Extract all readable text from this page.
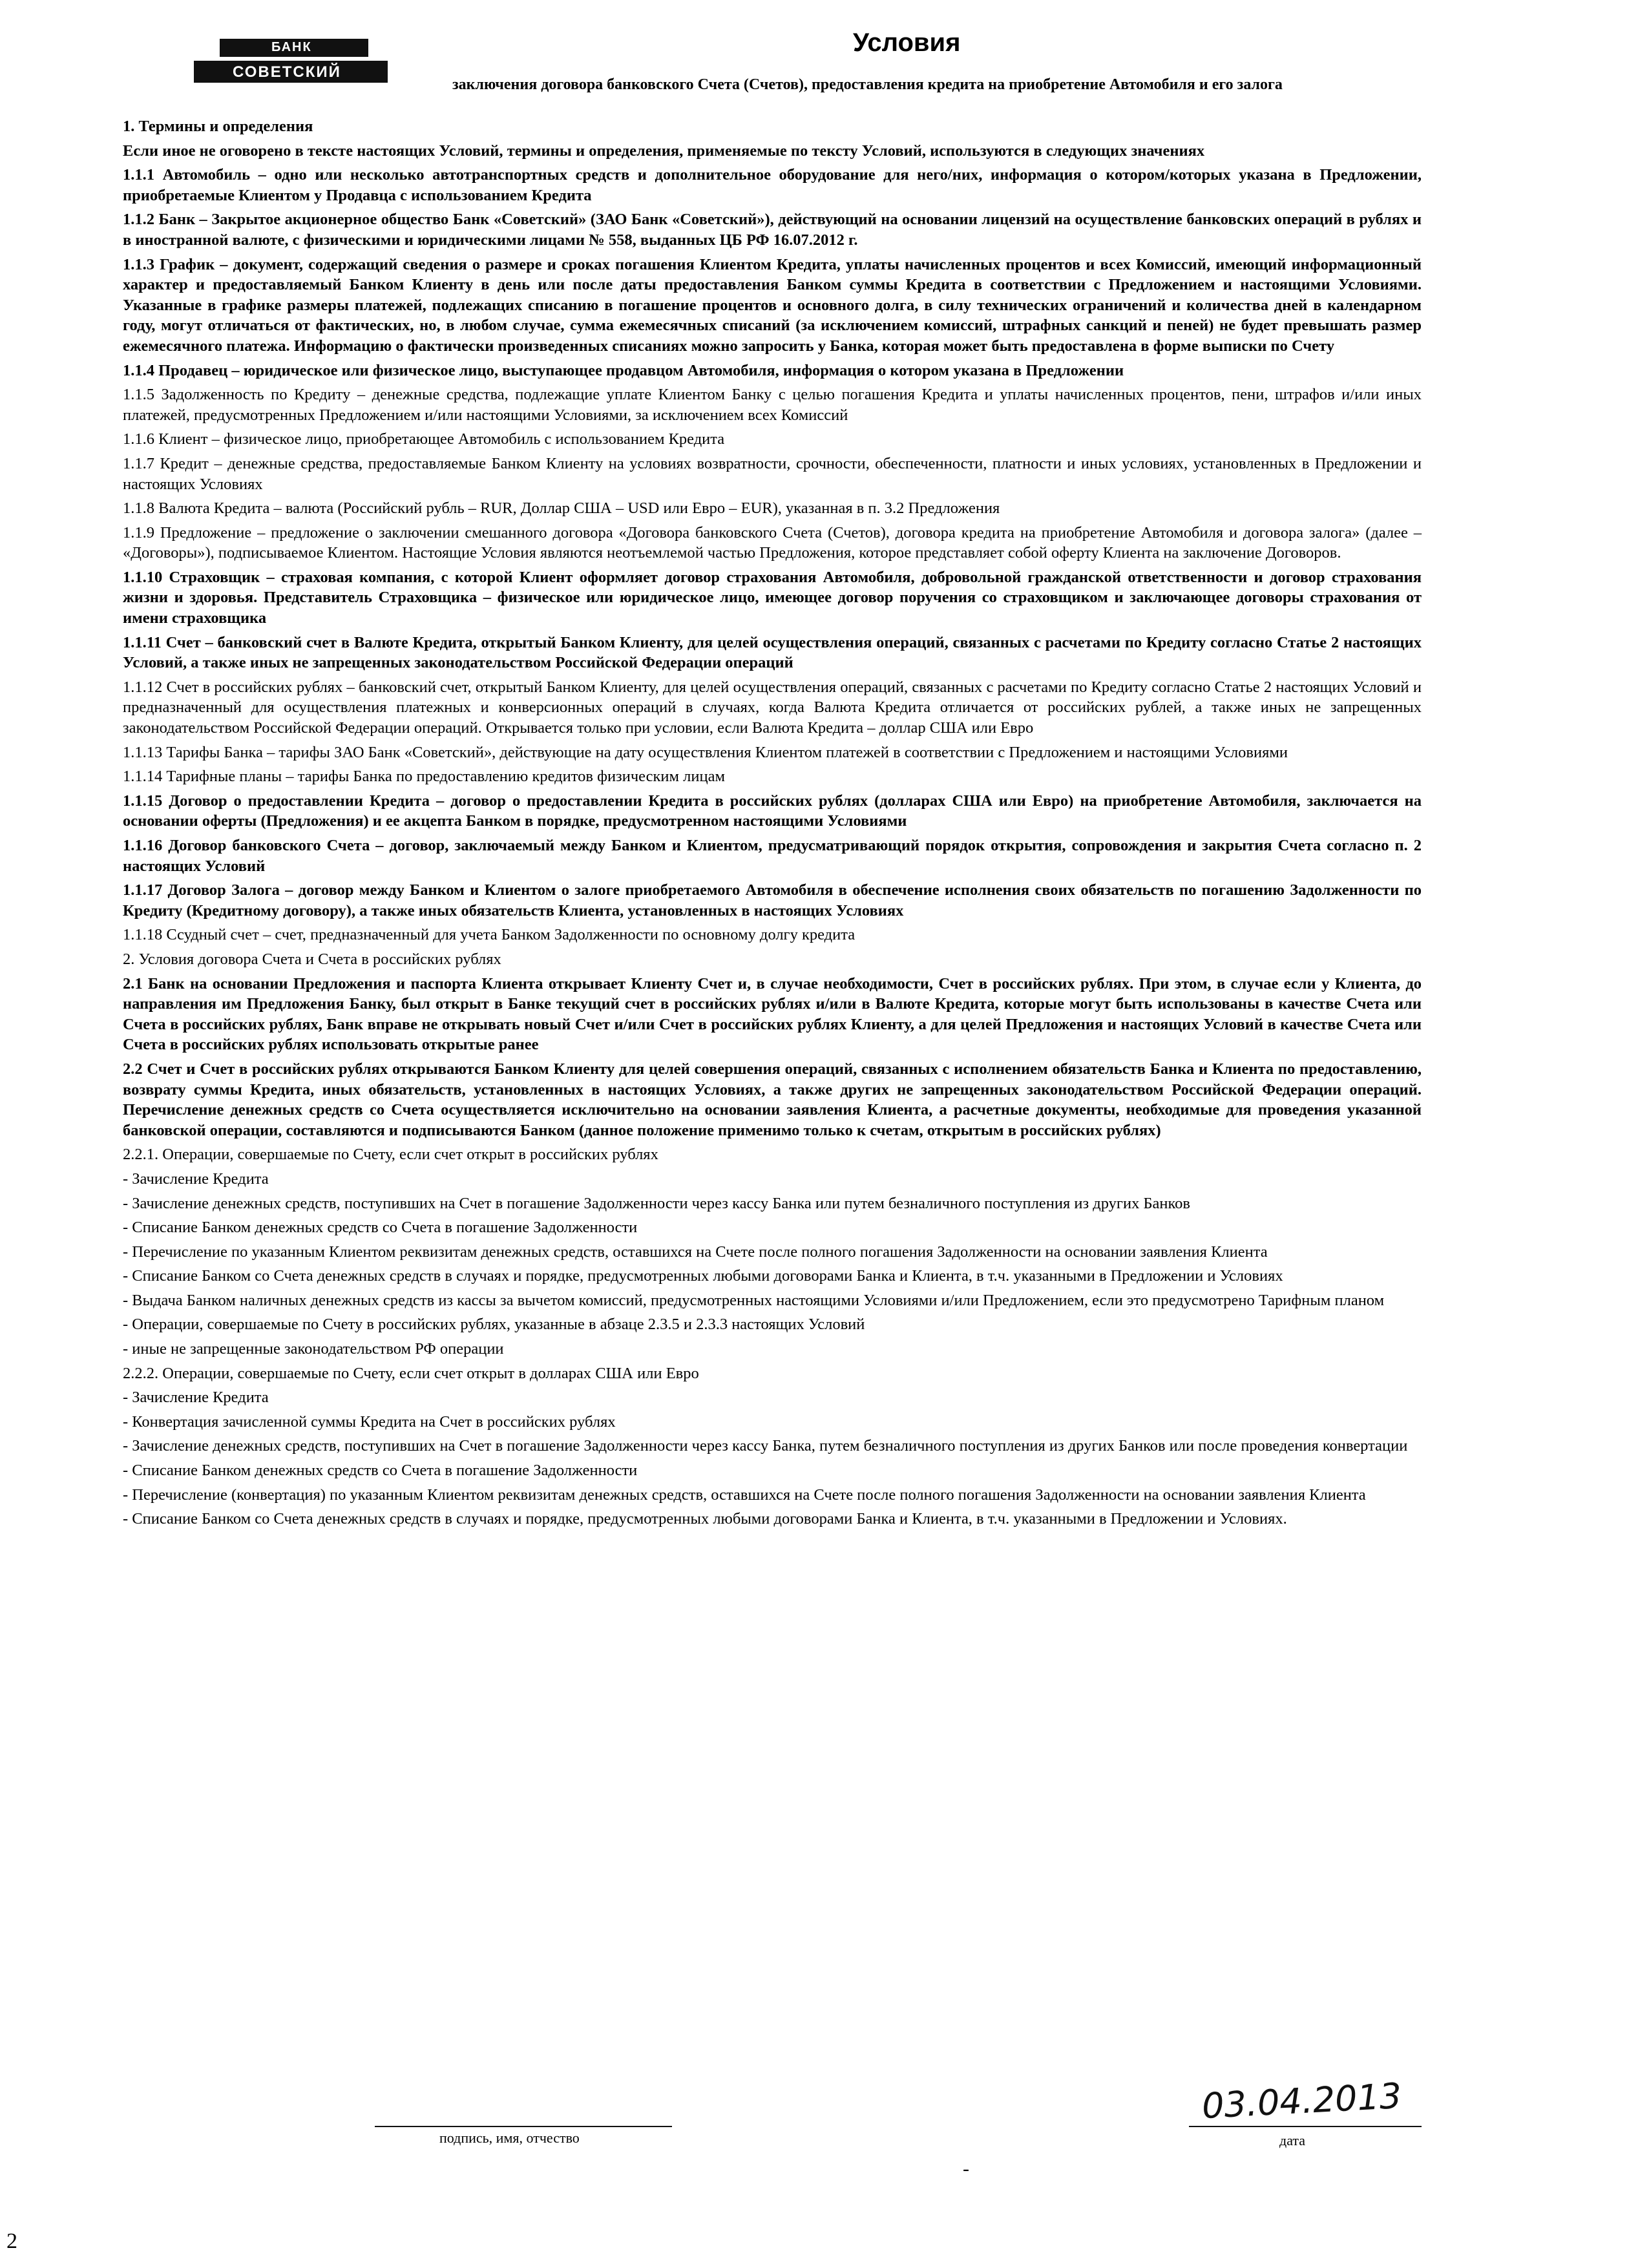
БАНК
СОВЕТСКИЙ
Условия
заключения договора банковского Счета (Счетов), предоставления кредита на приобретение Автомобиля и его залога

1. Термины и определения

Если иное не оговорено в тексте настоящих Условий, термины и определения, применяемые по тексту Условий, используются в следующих значениях

1.1.1 Автомобиль – одно или несколько автотранспортных средств и дополнительное оборудование для него/них, информация о котором/которых указана в Предложении, приобретаемые Клиентом у Продавца с использованием Кредита

1.1.2 Банк – Закрытое акционерное общество Банк «Советский» (ЗАО Банк «Советский»), действующий на основании лицензий на осуществление банковских операций в рублях и в иностранной валюте, с физическими и юридическими лицами № 558, выданных ЦБ РФ 16.07.2012 г.

1.1.3 График – документ, содержащий сведения о размере и сроках погашения Клиентом Кредита, уплаты начисленных процентов и всех Комиссий, имеющий информационный характер и предоставляемый Банком Клиенту в день или после даты предоставления Банком суммы Кредита в соответствии с Предложением и настоящими Условиями. Указанные в графике размеры платежей, подлежащих списанию в погашение процентов и основного долга, в силу технических ограничений и количества дней в календарном году, могут отличаться от фактических, но, в любом случае, сумма ежемесячных списаний (за исключением комиссий, штрафных санкций и пеней) не будет превышать размер ежемесячного платежа. Информацию о фактически произведенных списаниях можно запросить у Банка, которая может быть предоставлена в форме выписки по Счету

1.1.4 Продавец – юридическое или физическое лицо, выступающее продавцом Автомобиля, информация о котором указана в Предложении

1.1.5 Задолженность по Кредиту – денежные средства, подлежащие уплате Клиентом Банку с целью погашения Кредита и уплаты начисленных процентов, пени, штрафов и/или иных платежей, предусмотренных Предложением и/или настоящими Условиями, за исключением всех Комиссий

1.1.6 Клиент – физическое лицо, приобретающее Автомобиль с использованием Кредита

1.1.7 Кредит – денежные средства, предоставляемые Банком Клиенту на условиях возвратности, срочности, обеспеченности, платности и иных условиях, установленных в Предложении и настоящих Условиях

1.1.8 Валюта Кредита – валюта (Российский рубль – RUR, Доллар США – USD или Евро – EUR), указанная в п. 3.2 Предложения

1.1.9 Предложение – предложение о заключении смешанного договора «Договора банковского Счета (Счетов), договора кредита на приобретение Автомобиля и договора залога» (далее – «Договоры»), подписываемое Клиентом. Настоящие Условия являются неотъемлемой частью Предложения, которое представляет собой оферту Клиента на заключение Договоров.

1.1.10 Страховщик – страховая компания, с которой Клиент оформляет договор страхования Автомобиля, добровольной гражданской ответственности и договор страхования жизни и здоровья. Представитель Страховщика – физическое или юридическое лицо, имеющее договор поручения со страховщиком и заключающее договоры страхования от имени страховщика

1.1.11 Счет – банковский счет в Валюте Кредита, открытый Банком Клиенту, для целей осуществления операций, связанных с расчетами по Кредиту согласно Статье 2 настоящих Условий, а также иных не запрещенных законодательством Российской Федерации операций

1.1.12 Счет в российских рублях – банковский счет, открытый Банком Клиенту, для целей осуществления операций, связанных с расчетами по Кредиту согласно Статье 2 настоящих Условий и предназначенный для осуществления платежных и конверсионных операций в случаях, когда Валюта Кредита отличается от российских рублей, а также иных не запрещенных законодательством Российской Федерации операций. Открывается только при условии, если Валюта Кредита – доллар США или Евро

1.1.13 Тарифы Банка – тарифы ЗАО Банк «Советский», действующие на дату осуществления Клиентом платежей в соответствии с Предложением и настоящими Условиями

1.1.14 Тарифные планы – тарифы Банка по предоставлению кредитов физическим лицам

1.1.15 Договор о предоставлении Кредита – договор о предоставлении Кредита в российских рублях (долларах США или Евро) на приобретение Автомобиля, заключается на основании оферты (Предложения) и ее акцепта Банком в порядке, предусмотренном настоящими Условиями

1.1.16 Договор банковского Счета – договор, заключаемый между Банком и Клиентом, предусматривающий порядок открытия, сопровождения и закрытия Счета согласно п. 2 настоящих Условий

1.1.17 Договор Залога – договор между Банком и Клиентом о залоге приобретаемого Автомобиля в обеспечение исполнения своих обязательств по погашению Задолженности по Кредиту (Кредитному договору), а также иных обязательств Клиента, установленных в настоящих Условиях

1.1.18 Ссудный счет – счет, предназначенный для учета Банком Задолженности по основному долгу кредита

2. Условия договора Счета и Счета в российских рублях

2.1 Банк на основании Предложения и паспорта Клиента открывает Клиенту Счет и, в случае необходимости, Счет в российских рублях. При этом, в случае если у Клиента, до направления им Предложения Банку, был открыт в Банке текущий счет в российских рублях и/или в Валюте Кредита, которые могут быть использованы в качестве Счета или Счета в российских рублях, Банк вправе не открывать новый Счет и/или Счет в российских рублях Клиенту, а для целей Предложения и настоящих Условий в качестве Счета или Счета в российских рублях использовать открытые ранее

2.2 Счет и Счет в российских рублях открываются Банком Клиенту для целей совершения операций, связанных с исполнением обязательств Банка и Клиента по предоставлению, возврату суммы Кредита, иных обязательств, установленных в настоящих Условиях, а также других не запрещенных законодательством Российской Федерации операций. Перечисление денежных средств со Счета осуществляется исключительно на основании заявления Клиента, а расчетные документы, необходимые для проведения указанной банковской операции, составляются и подписываются Банком (данное положение применимо только к счетам, открытым в российских рублях)

2.2.1. Операции, совершаемые по Счету, если счет открыт в российских рублях

- Зачисление Кредита

- Зачисление денежных средств, поступивших на Счет в погашение Задолженности через кассу Банка или путем безналичного поступления из других Банков

- Списание Банком денежных средств со Счета в погашение Задолженности

- Перечисление по указанным Клиентом реквизитам денежных средств, оставшихся на Счете после полного погашения Задолженности на основании заявления Клиента

- Списание Банком со Счета денежных средств в случаях и порядке, предусмотренных любыми договорами Банка и Клиента, в т.ч. указанными в Предложении и Условиях

- Выдача Банком наличных денежных средств из кассы за вычетом комиссий, предусмотренных настоящими Условиями и/или Предложением, если это предусмотрено Тарифным планом

- Операции, совершаемые по Счету в российских рублях, указанные в абзаце 2.3.5 и 2.3.3 настоящих Условий

- иные не запрещенные законодательством РФ операции

2.2.2. Операции, совершаемые по Счету, если счет открыт в долларах США или Евро

- Зачисление Кредита

- Конвертация зачисленной суммы Кредита на Счет в российских рублях

- Зачисление денежных средств, поступивших на Счет в погашение Задолженности через кассу Банка, путем безналичного поступления из других Банков или после проведения конвертации

- Списание Банком денежных средств со Счета в погашение Задолженности

- Перечисление (конвертация) по указанным Клиентом реквизитам денежных средств, оставшихся на Счете после полного погашения Задолженности на основании заявления Клиента

- Списание Банком со Счета денежных средств в случаях и порядке, предусмотренных любыми договорами Банка и Клиента, в т.ч. указанными в Предложении и Условиях.

подпись, имя, отчество
03.04.2013
дата
-
2
